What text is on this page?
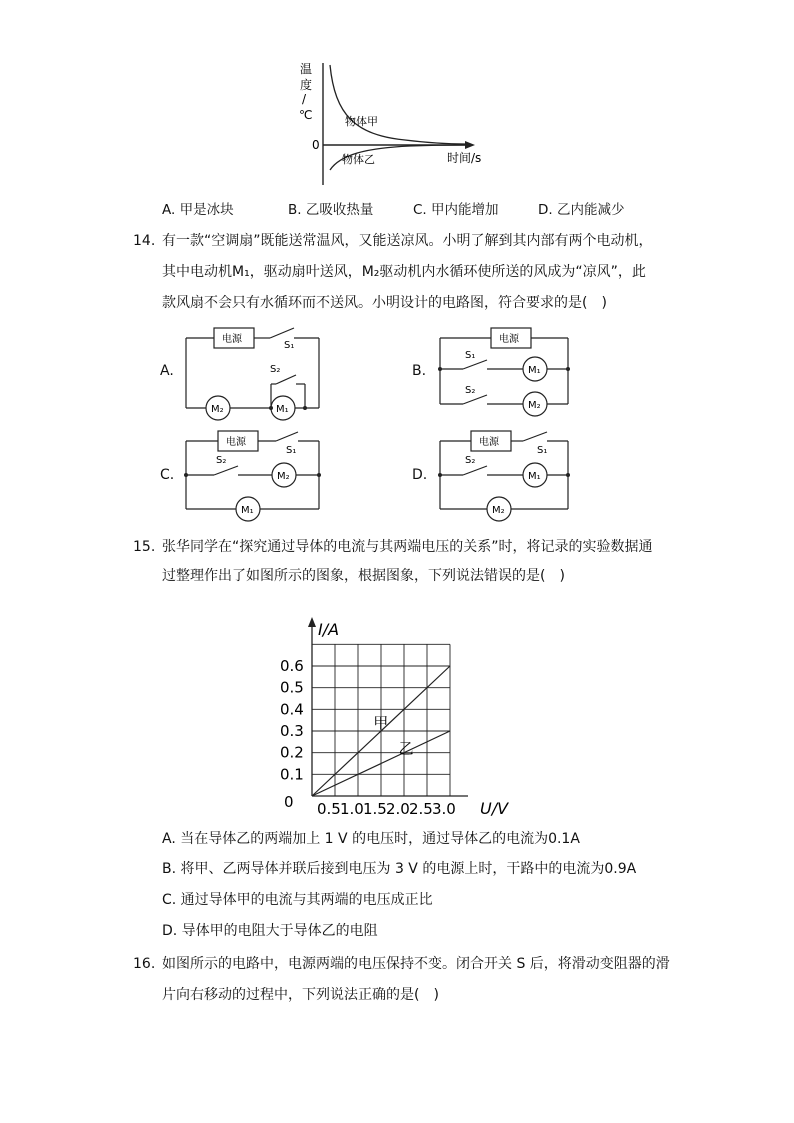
温
度
/
℃
0
物体甲
物体乙	时间/s
A. 甲是冰块	B. 乙吸收热量	C. 甲内能增加	D. 乙内能减少
14. 有一款“空调扇”既能送常温风，又能送凉风。小明了解到其内部有两个电动机，
其中电动机M₁，驱动扇叶送风，M₂驱动机内水循环使所送的风成为“凉风”，此
款风扇不会只有水循环而不送风。小明设计的电路图，符合要求的是(　)
A.	B.
C.	D.
电源
S₁
S₂
M₂	M₁
电源
S₁
S₂
M₁
M₂
电源
S₁
S₂
M₂
M₁
电源
S₁
S₂
M₁
M₂
15. 张华同学在“探究通过导体的电流与其两端电压的关系”时，将记录的实验数据通
过整理作出了如图所示的图象，根据图象，下列说法错误的是(　)
甲
乙
0.1
0.2
0.3
0.4
0.5
0.6
0.5 1.0 1.5 2.0 2.5 3.0
0
I/A
U/V
A. 当在导体乙的两端加上 1 V 的电压时，通过导体乙的电流为0.1A
B. 将甲、乙两导体并联后接到电压为 3 V 的电源上时，干路中的电流为0.9A
C. 通过导体甲的电流与其两端的电压成正比
D. 导体甲的电阻大于导体乙的电阻
16. 如图所示的电路中，电源两端的电压保持不变。闭合开关 S 后，将滑动变阻器的滑
片向右移动的过程中，下列说法正确的是(　)
